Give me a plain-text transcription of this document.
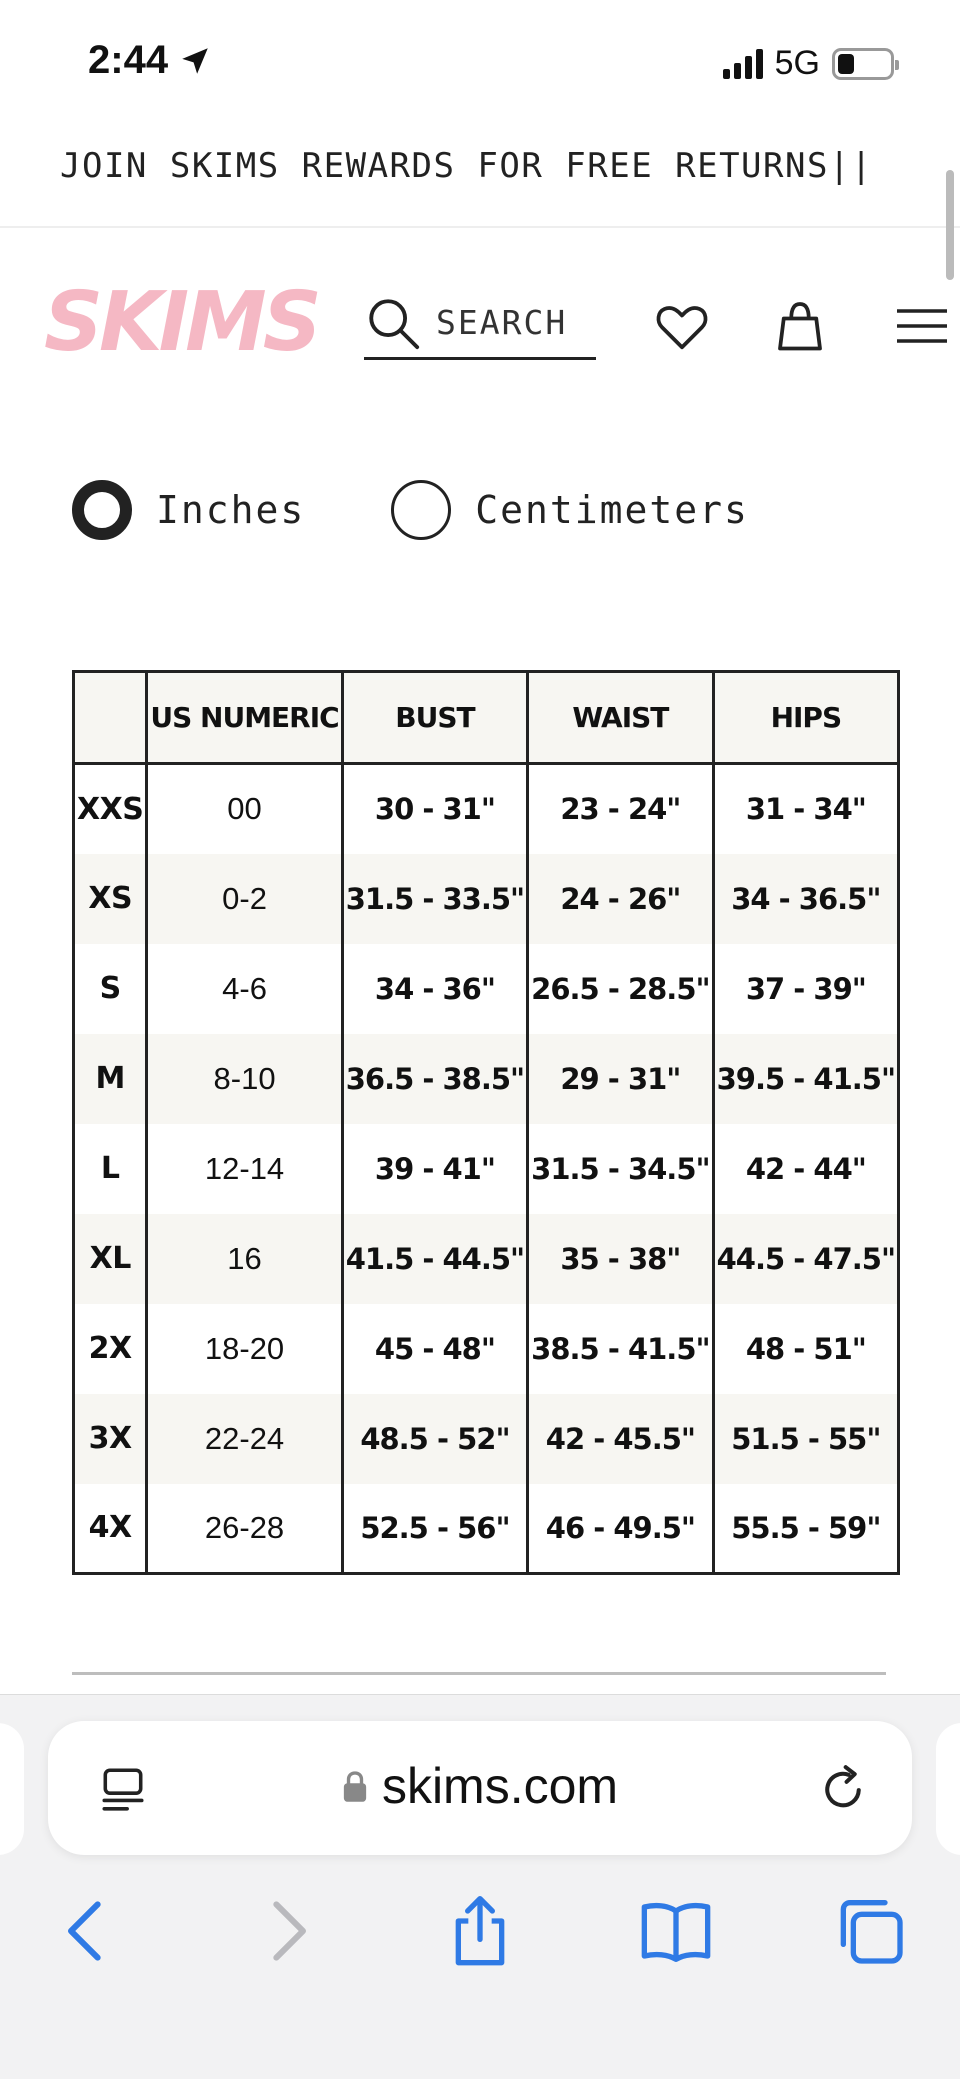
2:44	5G
JOIN SKIMS REWARDS FOR FREE RETURNS||
SKIMS	SEARCH
Inches	Centimeters
	US NUMERIC	BUST	WAIST	HIPS
XXS	00	30 - 31"	23 - 24"	31 - 34"
XS	0-2	31.5 - 33.5"	24 - 26"	34 - 36.5"
S	4-6	34 - 36"	26.5 - 28.5"	37 - 39"
M	8-10	36.5 - 38.5"	29 - 31"	39.5 - 41.5"
L	12-14	39 - 41"	31.5 - 34.5"	42 - 44"
XL	16	41.5 - 44.5"	35 - 38"	44.5 - 47.5"
2X	18-20	45 - 48"	38.5 - 41.5"	48 - 51"
3X	22-24	48.5 - 52"	42 - 45.5"	51.5 - 55"
4X	26-28	52.5 - 56"	46 - 49.5"	55.5 - 59"
skims.com
